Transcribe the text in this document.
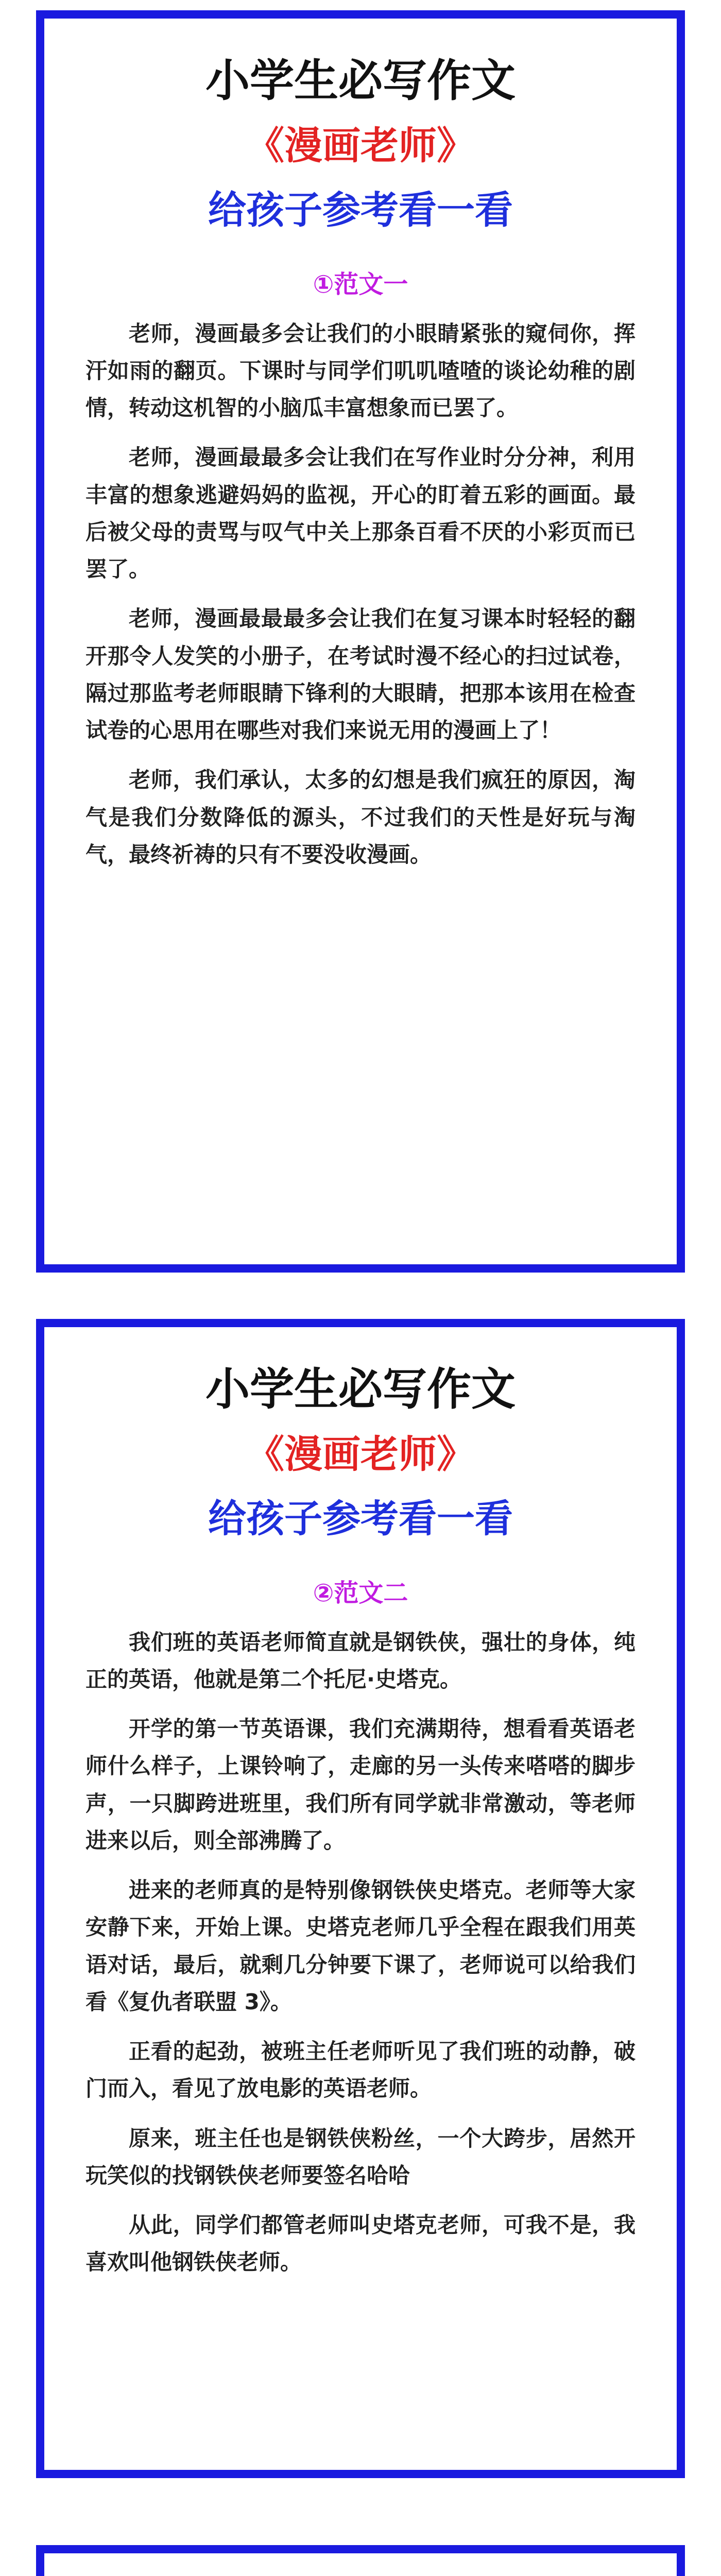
小学生必写作文
《漫画老师》
给孩子参考看一看
①范文一

老师，漫画最多会让我们的小眼睛紧张的窥伺你，挥汗如雨的翻页。下课时与同学们叽叽喳喳的谈论幼稚的剧情，转动这机智的小脑瓜丰富想象而已罢了。

老师，漫画最最多会让我们在写作业时分分神，利用丰富的想象逃避妈妈的监视，开心的盯着五彩的画面。最后被父母的责骂与叹气中关上那条百看不厌的小彩页而已罢了。

老师，漫画最最最多会让我们在复习课本时轻轻的翻开那令人发笑的小册子，在考试时漫不经心的扫过试卷，隔过那监考老师眼睛下锋利的大眼睛，把那本该用在检查试卷的心思用在哪些对我们来说无用的漫画上了！

老师，我们承认，太多的幻想是我们疯狂的原因，淘气是我们分数降低的源头，不过我们的天性是好玩与淘气，最终祈祷的只有不要没收漫画。

小学生必写作文
《漫画老师》
给孩子参考看一看
②范文二

我们班的英语老师简直就是钢铁侠，强壮的身体，纯正的英语，他就是第二个托尼·史塔克。

开学的第一节英语课，我们充满期待，想看看英语老师什么样子，上课铃响了，走廊的另一头传来嗒嗒的脚步声，一只脚跨进班里，我们所有同学就非常激动，等老师进来以后，则全部沸腾了。

进来的老师真的是特别像钢铁侠史塔克。老师等大家安静下来，开始上课。史塔克老师几乎全程在跟我们用英语对话，最后，就剩几分钟要下课了，老师说可以给我们看《复仇者联盟 3》。

正看的起劲，被班主任老师听见了我们班的动静，破门而入，看见了放电影的英语老师。

原来，班主任也是钢铁侠粉丝，一个大跨步，居然开玩笑似的找钢铁侠老师要签名哈哈

从此，同学们都管老师叫史塔克老师，可我不是，我喜欢叫他钢铁侠老师。
